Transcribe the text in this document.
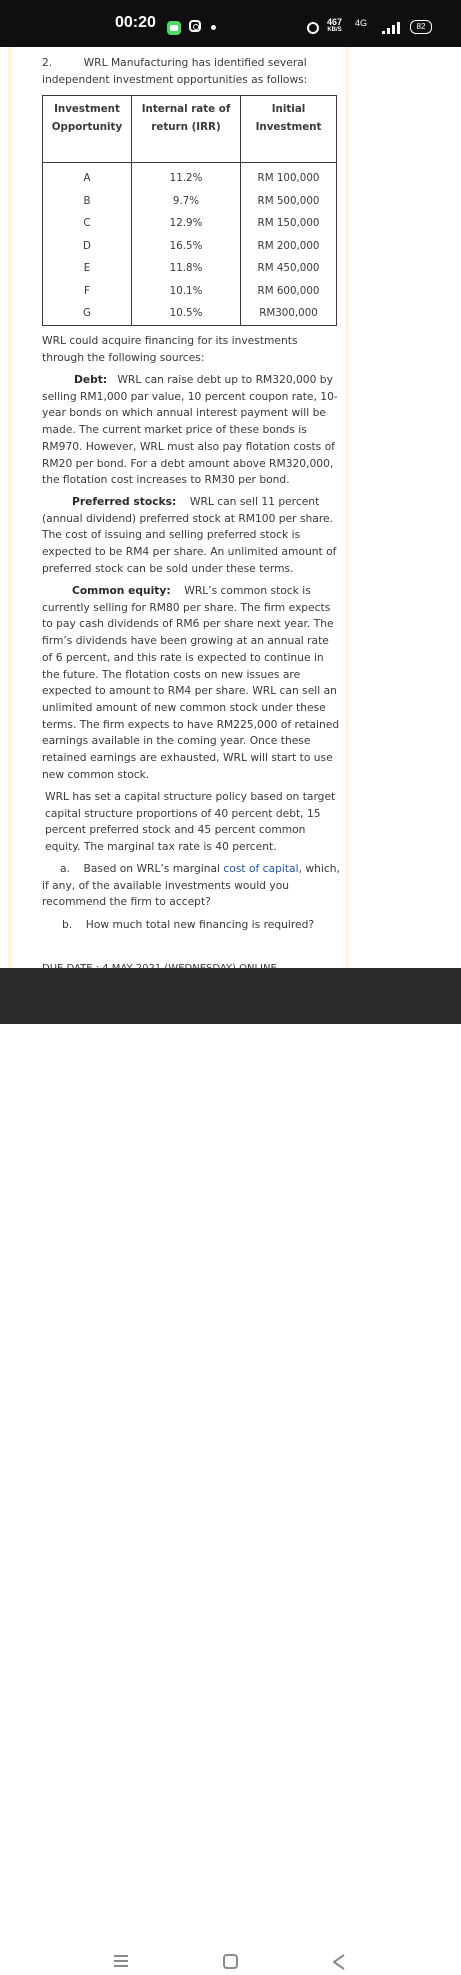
00:20	467
KB/S
4G	82
2.	WRL Manufacturing has identified several independent investment opportunities as follows:
Investment Opportunity	Internal rate of return (IRR)	Initial Investment
A	11.2%	RM 100,000
B	9.7%	RM 500,000
C	12.9%	RM 150,000
D	16.5%	RM 200,000
E	11.8%	RM 450,000
F	10.1%	RM 600,000
G	10.5%	RM300,000
WRL could acquire financing for its investments through the following sources:
Debt: WRL can raise debt up to RM320,000 by selling RM1,000 par value, 10 percent coupon rate, 10-year bonds on which annual interest payment will be made. The current market price of these bonds is RM970. However, WRL must also pay flotation costs of RM20 per bond. For a debt amount above RM320,000, the flotation cost increases to RM30 per bond.
Preferred stocks: WRL can sell 11 percent (annual dividend) preferred stock at RM100 per share. The cost of issuing and selling preferred stock is expected to be RM4 per share. An unlimited amount of preferred stock can be sold under these terms.
Common equity: WRL’s common stock is currently selling for RM80 per share. The firm expects to pay cash dividends of RM6 per share next year. The firm’s dividends have been growing at an annual rate of 6 percent, and this rate is expected to continue in the future. The flotation costs on new issues are expected to amount to RM4 per share. WRL can sell an unlimited amount of new common stock under these terms. The firm expects to have RM225,000 of retained earnings available in the coming year. Once these retained earnings are exhausted, WRL will start to use new common stock.
WRL has set a capital structure policy based on target capital structure proportions of 40 percent debt, 15 percent preferred stock and 45 percent common equity. The marginal tax rate is 40 percent.
a. Based on WRL’s marginal cost of capital, which, if any, of the available investments would you recommend the firm to accept?
b. How much total new financing is required?
